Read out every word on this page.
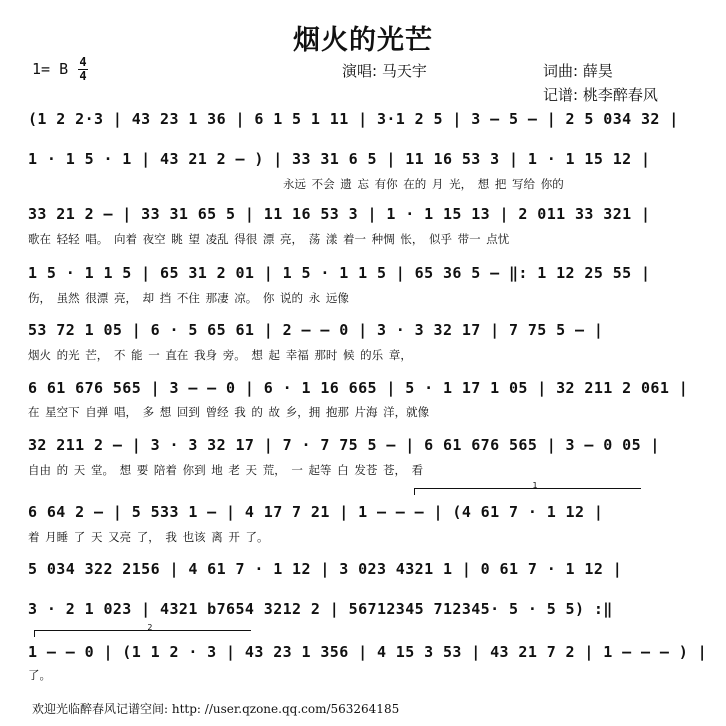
烟火的光芒
1= B 4
4	演唱: 马天宇	词曲: 薛昊
记谱: 桃李醉春风
(1 2 2·3 | 43 23 1 36 | 6 1 5 1 11 | 3·1 2 5 | 3 – 5 – | 2 5 034 32 |
1 · 1 5 · 1 | 43 21 2 – ) | 33 31 6 5 | 11 16 53 3 | 1 · 1 15 12 |
永远 不会 遗 忘 有你 在的 月 光， 想 把 写给 你的
33 21 2 – | 33 31 65 5 | 11 16 53 3 | 1 · 1 15 13 | 2 011 33 321 |
歌在 轻轻 唱。 向着 夜空 眺 望 凌乱 得很 漂 亮， 荡 漾 着一 种惆 怅， 似乎 带一 点忧
1 5 · 1 1 5 | 65 31 2 01 | 1 5 · 1 1 5 | 65 36 5 – ‖: 1 12 25 55 |
伤， 虽然 很漂 亮， 却 挡 不住 那凄 凉。 你 说的 永 远像
53 72 1 05 | 6 · 5 65 61 | 2 – – 0 | 3 · 3 32 17 | 7 75 5 – |
烟火 的光 芒， 不 能 一 直在 我身 旁。 想 起 幸福 那时 候 的乐 章，
6 61 676 565 | 3 – – 0 | 6 · 1 16 665 | 5 · 1 17 1 05 | 32 211 2 061 |
在 星空下 自弹 唱， 多 想 回到 曾经 我 的 故 乡，拥 抱那 片海 洋，就像
32 211 2 – | 3 · 3 32 17 | 7 · 7 75 5 – | 6 61 676 565 | 3 – 0 05 |
自由 的 天 堂。 想 要 陪着 你到 地 老 天 荒， 一 起等 白 发苍 苍， 看
1
6 64 2 – | 5 533 1 – | 4 17 7 21 | 1 – – – | (4 61 7 · 1 12 |
着 月睡 了 天 又亮 了， 我 也该 离 开 了。
5 034 322 2156 | 4 61 7 · 1 12 | 3 023 4321 1 | 0 61 7 · 1 12 |
3 · 2 1 023 | 4321 b7654 3212 2 | 56712345 712345· 5 · 5 5) :‖
2
1 – – 0 | (1 1 2 · 3 | 43 23 1 356 | 4 15 3 53 | 43 21 7 2 | 1 – – – ) |
了。
欢迎光临醉春风记谱空间: http: //user.qzone.qq.com/563264185
